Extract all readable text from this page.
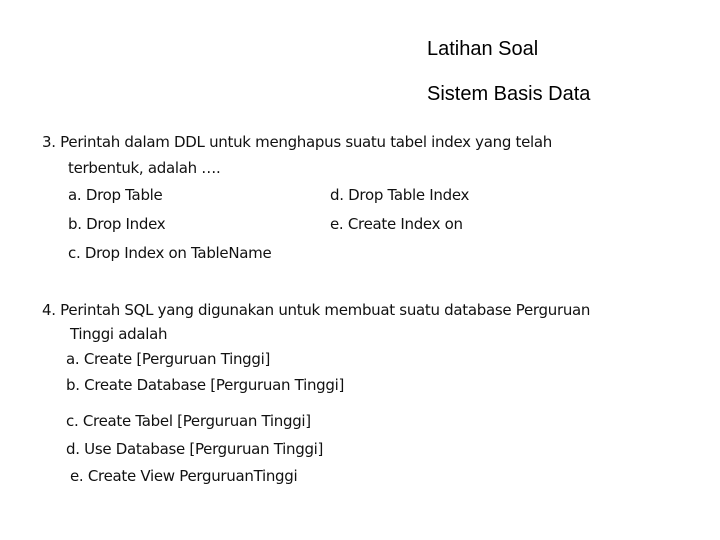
Latihan Soal
Sistem Basis Data
3. Perintah dalam DDL untuk menghapus suatu tabel index yang telah
terbentuk, adalah ….
a. Drop Table
b. Drop Index
c. Drop Index on TableName
d. Drop Table Index
e. Create Index on
4. Perintah SQL yang digunakan untuk membuat suatu database Perguruan
Tinggi adalah
a. Create [Perguruan Tinggi]
b. Create Database [Perguruan Tinggi]
c. Create Tabel [Perguruan Tinggi]
d. Use Database [Perguruan Tinggi]
e. Create View PerguruanTinggi
